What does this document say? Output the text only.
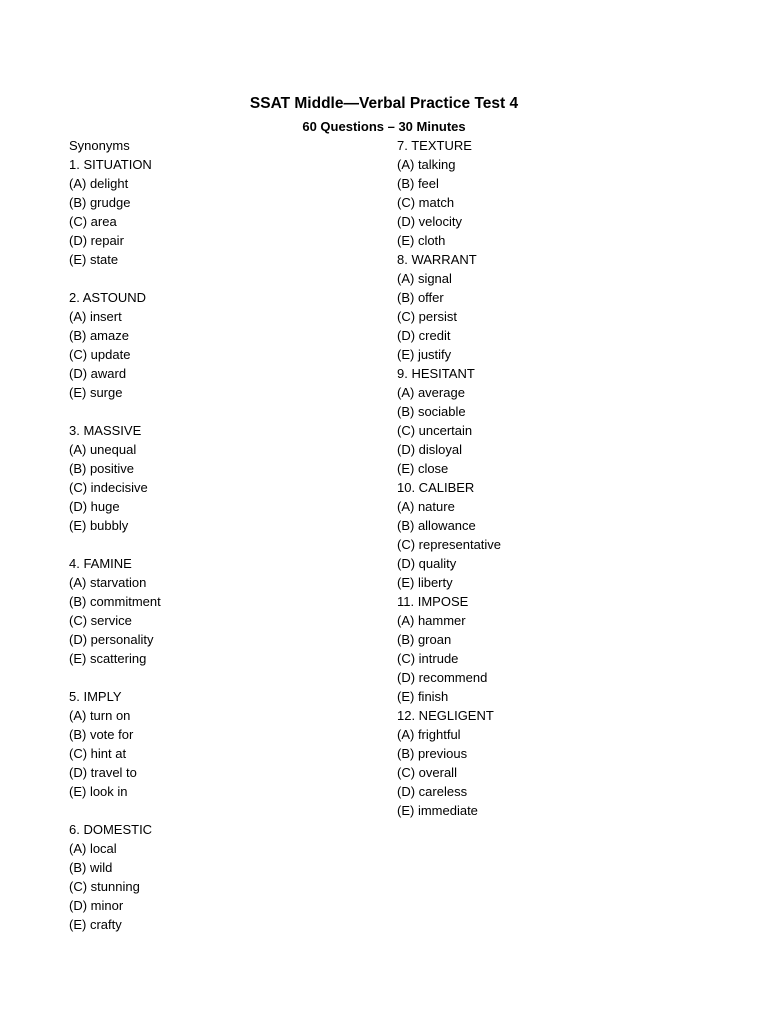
SSAT Middle—Verbal Practice Test 4
60 Questions – 30 Minutes
Synonyms
1. SITUATION
(A) delight
(B) grudge
(C) area
(D) repair
(E) state
2. ASTOUND
(A) insert
(B) amaze
(C) update
(D) award
(E) surge
3. MASSIVE
(A) unequal
(B) positive
(C) indecisive
(D) huge
(E) bubbly
4. FAMINE
(A) starvation
(B) commitment
(C) service
(D) personality
(E) scattering
5. IMPLY
(A) turn on
(B) vote for
(C) hint at
(D) travel to
(E) look in
6. DOMESTIC
(A) local
(B) wild
(C) stunning
(D) minor
(E) crafty
7. TEXTURE
(A) talking
(B) feel
(C) match
(D) velocity
(E) cloth
8. WARRANT
(A) signal
(B) offer
(C) persist
(D) credit
(E) justify
9. HESITANT
(A) average
(B) sociable
(C) uncertain
(D) disloyal
(E) close
10. CALIBER
(A) nature
(B) allowance
(C) representative
(D) quality
(E) liberty
11. IMPOSE
(A) hammer
(B) groan
(C) intrude
(D) recommend
(E) finish
12. NEGLIGENT
(A) frightful
(B) previous
(C) overall
(D) careless
(E) immediate
